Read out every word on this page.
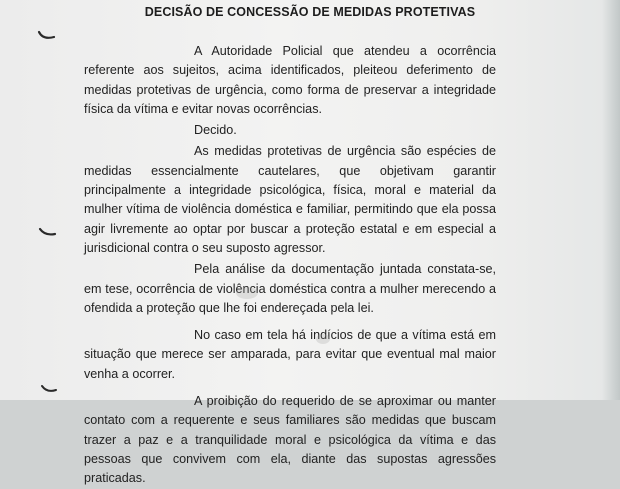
DECISÃO DE CONCESSÃO DE MEDIDAS PROTETIVAS

A Autoridade Policial que atendeu a ocorrência referente aos sujeitos, acima identificados, pleiteou deferimento de medidas protetivas de urgência, como forma de preservar a integridade física da vítima e evitar novas ocorrências.

Decido.

As medidas protetivas de urgência são espécies de medidas essencialmente cautelares, que objetivam garantir principalmente a integridade psicológica, física, moral e material da mulher vítima de violência doméstica e familiar, permitindo que ela possa agir livremente ao optar por buscar a proteção estatal e em especial a jurisdicional contra o seu suposto agressor.

Pela análise da documentação juntada constata-se, em tese, ocorrência de violência doméstica contra a mulher merecendo a ofendida a proteção que lhe foi endereçada pela lei.

No caso em tela há indícios de que a vítima está em situação que merece ser amparada, para evitar que eventual mal maior venha a ocorrer.

A proibição do requerido de se aproximar ou manter contato com a requerente e seus familiares são medidas que buscam trazer a paz e a tranquilidade moral e psicológica da vítima e das pessoas que convivem com ela, diante das supostas agressões praticadas.
